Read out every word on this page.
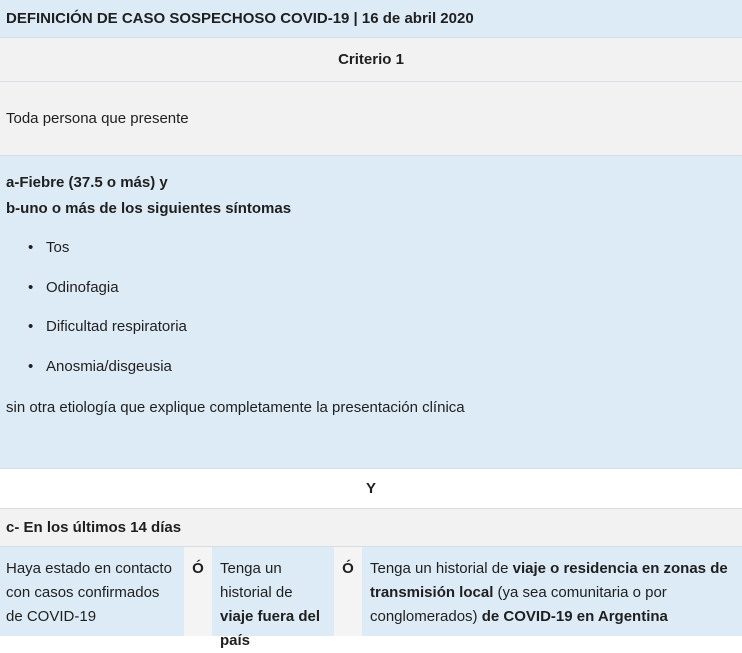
DEFINICIÓN DE CASO SOSPECHOSO COVID-19 | 16 de abril 2020
Criterio 1
Toda persona que presente
a-Fiebre (37.5 o más) y
b-uno o más de los siguientes síntomas
• Tos
• Odinofagia
• Dificultad respiratoria
• Anosmia/disgeusia
sin otra etiología que explique completamente la presentación clínica
Y
c- En los últimos 14 días
Haya estado en contacto con casos confirmados de COVID-19
Ó	Tenga un historial de viaje fuera del país
Ó	Tenga un historial de viaje o residencia en zonas de transmisión local (ya sea comunitaria o por conglomerados) de COVID-19 en Argentina
